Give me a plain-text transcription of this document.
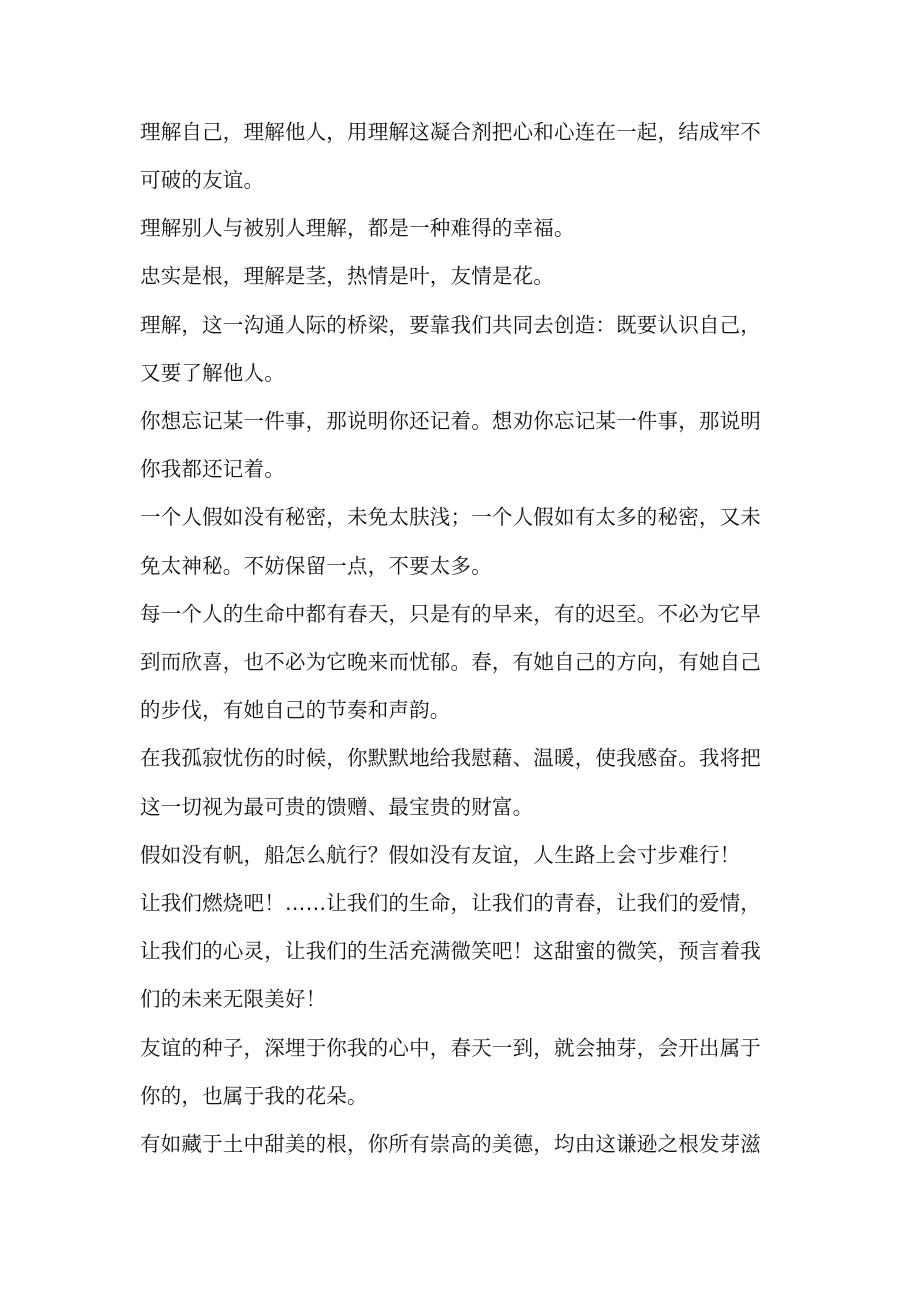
理解自己，理解他人，用理解这凝合剂把心和心连在一起，结成牢不
可破的友谊。
理解别人与被别人理解，都是一种难得的幸福。
忠实是根，理解是茎，热情是叶，友情是花。
理解，这一沟通人际的桥梁，要靠我们共同去创造：既要认识自己，
又要了解他人。
你想忘记某一件事，那说明你还记着。想劝你忘记某一件事，那说明
你我都还记着。
一个人假如没有秘密，未免太肤浅；一个人假如有太多的秘密，又未
免太神秘。不妨保留一点，不要太多。
每一个人的生命中都有春天，只是有的早来，有的迟至。不必为它早
到而欣喜，也不必为它晚来而忧郁。春，有她自己的方向，有她自己
的步伐，有她自己的节奏和声韵。
在我孤寂忧伤的时候，你默默地给我慰藉、温暖，使我感奋。我将把
这一切视为最可贵的馈赠、最宝贵的财富。
假如没有帆，船怎么航行？假如没有友谊，人生路上会寸步难行！
让我们燃烧吧！……让我们的生命，让我们的青春，让我们的爱情，
让我们的心灵，让我们的生活充满微笑吧！这甜蜜的微笑，预言着我
们的未来无限美好！
友谊的种子，深埋于你我的心中，春天一到，就会抽芽，会开出属于
你的，也属于我的花朵。
有如藏于土中甜美的根，你所有崇高的美德，均由这谦逊之根发芽滋
